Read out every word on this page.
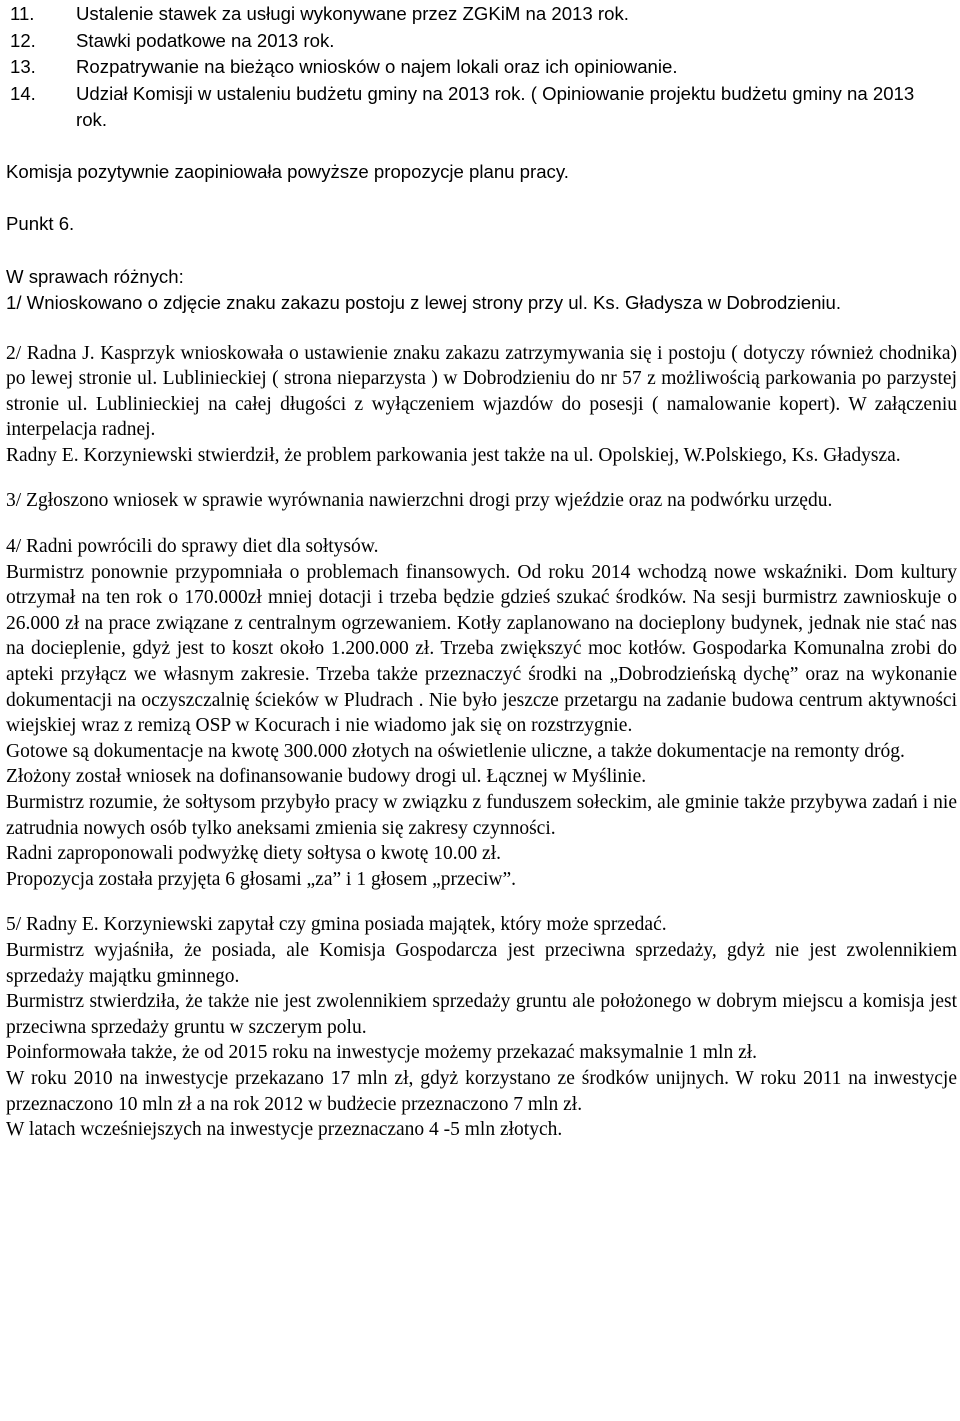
11.	Ustalenie stawek za usługi wykonywane przez ZGKiM na 2013 rok.
12.	Stawki podatkowe na 2013 rok.
13.	Rozpatrywanie na bieżąco wniosków o najem lokali oraz ich opiniowanie.
14.	Udział Komisji w ustaleniu budżetu gminy na 2013 rok. ( Opiniowanie projektu budżetu gminy na 2013 rok.

Komisja pozytywnie zaopiniowała powyższe propozycje planu pracy.

Punkt 6.

W sprawach różnych:

1/ Wnioskowano o zdjęcie znaku zakazu postoju z lewej strony przy ul. Ks. Gładysza w Dobrodzieniu.

2/ Radna J. Kasprzyk wnioskowała o ustawienie znaku zakazu zatrzymywania się i postoju ( dotyczy również chodnika) po lewej stronie ul. Lublinieckiej ( strona nieparzysta ) w Dobrodzieniu do nr 57 z możliwością parkowania po parzystej stronie ul. Lublinieckiej na całej długości z wyłączeniem wjazdów do posesji ( namalowanie kopert). W załączeniu interpelacja radnej.

Radny E. Korzyniewski stwierdził, że problem parkowania jest także na ul. Opolskiej, W.Polskiego, Ks. Gładysza.

3/ Zgłoszono wniosek w sprawie wyrównania nawierzchni drogi przy wjeździe oraz na podwórku urzędu.

4/ Radni powrócili do sprawy diet dla sołtysów.

Burmistrz ponownie przypomniała o problemach finansowych. Od roku 2014 wchodzą nowe wskaźniki. Dom kultury otrzymał na ten rok o 170.000zł mniej dotacji i trzeba będzie gdzieś szukać środków. Na sesji burmistrz zawnioskuje o 26.000 zł na prace związane z centralnym ogrzewaniem. Kotły zaplanowano na docieplony budynek, jednak nie stać nas na docieplenie, gdyż jest to koszt około 1.200.000 zł. Trzeba zwiększyć moc kotłów. Gospodarka Komunalna zrobi do apteki przyłącz we własnym zakresie. Trzeba także przeznaczyć środki na „Dobrodzieńską dychę” oraz na wykonanie dokumentacji na oczyszczalnię ścieków w Pludrach . Nie było jeszcze przetargu na zadanie budowa centrum aktywności wiejskiej wraz z remizą OSP w Kocurach i nie wiadomo jak się on rozstrzygnie.

Gotowe są dokumentacje na kwotę 300.000 złotych na oświetlenie uliczne, a także dokumentacje na remonty dróg.

Złożony został wniosek na dofinansowanie budowy drogi ul. Łącznej w Myślinie.

Burmistrz rozumie, że sołtysom przybyło pracy w związku z funduszem sołeckim, ale gminie także przybywa zadań i nie zatrudnia nowych osób tylko aneksami zmienia się zakresy czynności.

Radni zaproponowali podwyżkę diety sołtysa o kwotę 10.00 zł.

Propozycja została przyjęta 6 głosami „za” i 1 głosem „przeciw”.

5/ Radny E. Korzyniewski zapytał czy gmina posiada majątek, który może sprzedać.

Burmistrz wyjaśniła, że posiada, ale Komisja Gospodarcza jest przeciwna sprzedaży, gdyż nie jest zwolennikiem sprzedaży majątku gminnego.

Burmistrz stwierdziła, że także nie jest zwolennikiem sprzedaży gruntu ale położonego w dobrym miejscu a komisja jest przeciwna sprzedaży gruntu w szczerym polu.

Poinformowała także, że od 2015 roku na inwestycje możemy przekazać maksymalnie 1 mln zł.

W roku 2010 na inwestycje przekazano 17 mln zł, gdyż korzystano ze środków unijnych. W roku 2011 na inwestycje przeznaczono 10 mln zł a na rok 2012 w budżecie przeznaczono 7 mln zł.

W latach wcześniejszych na inwestycje przeznaczano 4 -5 mln złotych.
